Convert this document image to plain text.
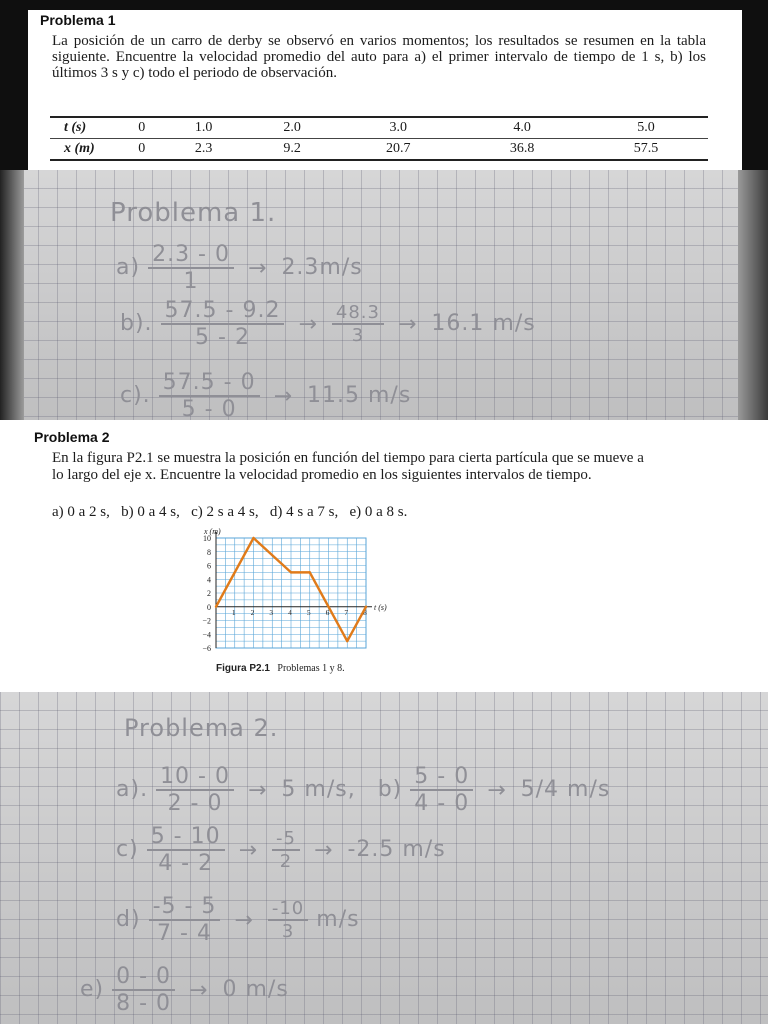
Problema 1
La posición de un carro de derby se observó en varios momentos; los resultados se resumen en la tabla siguiente. Encuentre la velocidad promedio del auto para a) el primer intervalo de tiempo de 1 s, b) los últimos 3 s y c) todo el periodo de observación.
t (s)	0	1.0	2.0	3.0	4.0	5.0
x (m)	0	2.3	9.2	20.7	36.8	57.5
Problema 1.
$a) \frac{2.3 - 0}{1} \to 2.3m/s$
b). $\frac{57.5 - 9.2}{5 - 2} \to \frac{48.3}{3} \to 16.1$ m/s
c). $\frac{57.5 - 0}{5 - 0} \to 11.5$ m/s
Problema 2
En la figura P2.1 se muestra la posición en función del tiempo para cierta partícula que se mueve a lo largo del eje x. Encuentre la velocidad promedio en los siguientes intervalos de tiempo.
a) 0 a 2 s,   b) 0 a 4 s,   c) 2 s a 4 s,   d) 4 s a 7 s,   e) 0 a 8 s.
10
8
6
4
2
0
−2
−4
−6
1 2 3 4 5 6 7 8
x (m)
t (s)
Figura P2.1 Problemas 1 y 8.
Problema 2.
a). $\frac{10 - 0}{2 - 0} \to 5$ m/s, $b) \frac{5 - 0}{4 - 0} \to 5/4$ m/s
$c) \frac{5 - 10}{4 - 2} \to \frac{-5}{2} \to -2.5$ m/s
$d) \frac{-5 - 5}{7 - 4} \to \frac{-10}{3} m/s$
$e) \frac{0 - 0}{8 - 0} \to 0$ m/s
